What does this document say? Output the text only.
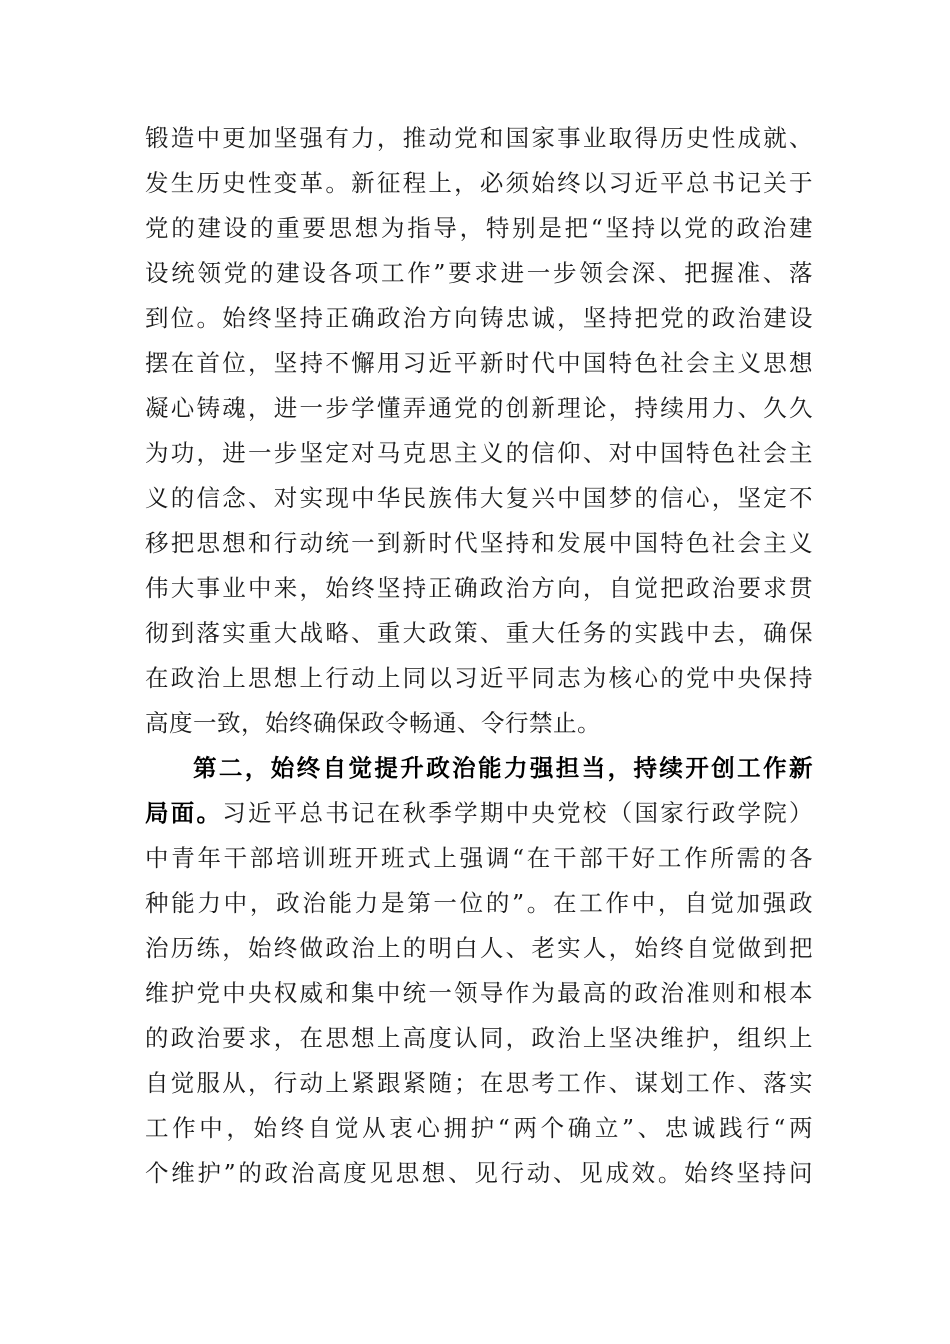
锻造中更加坚强有力，推动党和国家事业取得历史性成就、
发生历史性变革。新征程上，必须始终以习近平总书记关于
党的建设的重要思想为指导，特别是把“坚持以党的政治建
设统领党的建设各项工作”要求进一步领会深、把握准、落
到位。始终坚持正确政治方向铸忠诚，坚持把党的政治建设
摆在首位，坚持不懈用习近平新时代中国特色社会主义思想
凝心铸魂，进一步学懂弄通党的创新理论，持续用力、久久
为功，进一步坚定对马克思主义的信仰、对中国特色社会主
义的信念、对实现中华民族伟大复兴中国梦的信心，坚定不
移把思想和行动统一到新时代坚持和发展中国特色社会主义
伟大事业中来，始终坚持正确政治方向，自觉把政治要求贯
彻到落实重大战略、重大政策、重大任务的实践中去，确保
在政治上思想上行动上同以习近平同志为核心的党中央保持
高度一致，始终确保政令畅通、令行禁止。
第二，始终自觉提升政治能力强担当，持续开创工作新
局面。习近平总书记在秋季学期中央党校（国家行政学院）
中青年干部培训班开班式上强调“在干部干好工作所需的各
种能力中，政治能力是第一位的”。在工作中，自觉加强政
治历练，始终做政治上的明白人、老实人，始终自觉做到把
维护党中央权威和集中统一领导作为最高的政治准则和根本
的政治要求，在思想上高度认同，政治上坚决维护，组织上
自觉服从，行动上紧跟紧随；在思考工作、谋划工作、落实
工作中，始终自觉从衷心拥护“两个确立”、忠诚践行“两
个维护”的政治高度见思想、见行动、见成效。始终坚持问
